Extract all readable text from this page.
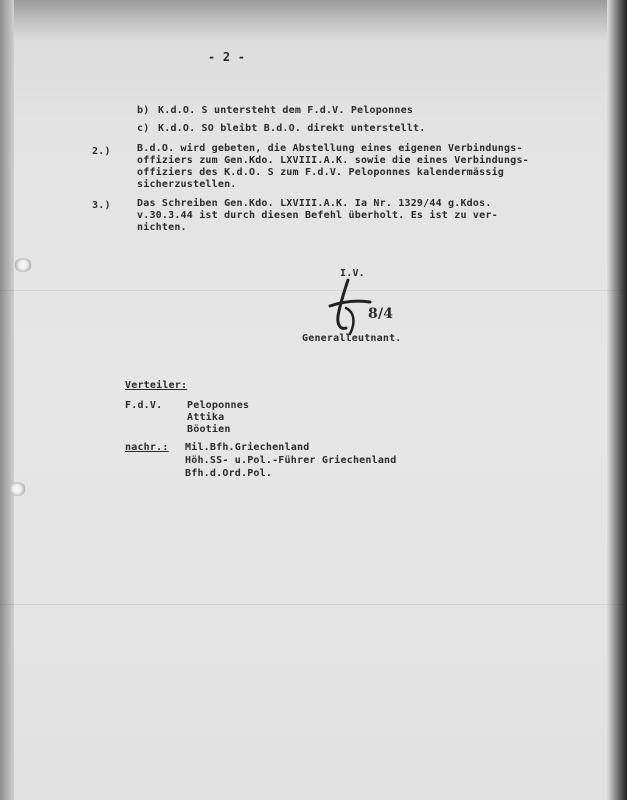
- 2 -
b) K.d.O. S untersteht dem F.d.V. Peloponnes
c) K.d.O. SO bleibt B.d.O. direkt unterstellt.
2.)	B.d.O. wird gebeten, die Abstellung eines eigenen Verbindungs-
offiziers zum Gen.Kdo. LXVIII.A.K. sowie die eines Verbindungs-
offiziers des K.d.O. S zum F.d.V. Peloponnes kalendermässig
sicherzustellen.
3.)	Das Schreiben Gen.Kdo. LXVIII.A.K. Ia Nr. 1329/44 g.Kdos.
v.30.3.44 ist durch diesen Befehl überholt. Es ist zu ver-
nichten.
I.V.
8/4
Generalleutnant.
Verteiler:
F.d.V. Peloponnes
Attika
Böotien
nachr.: Mil.Bfh.Griechenland
Höh.SS- u.Pol.-Führer Griechenland
Bfh.d.Ord.Pol.
